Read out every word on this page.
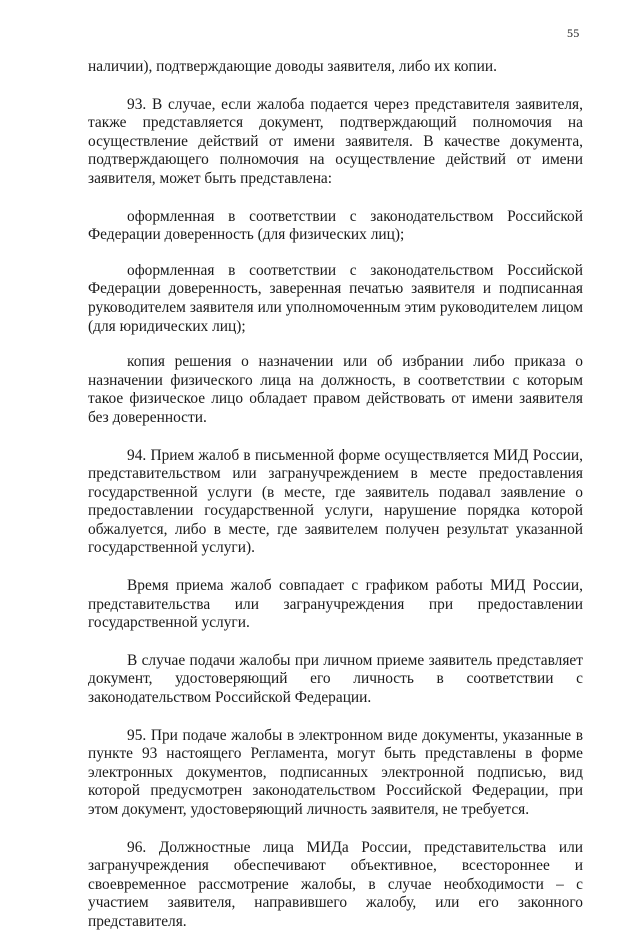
55

наличии), подтверждающие доводы заявителя, либо их копии.

93. В случае, если жалоба подается через представителя заявителя, также представляется документ, подтверждающий полномочия на осуществление действий от имени заявителя. В качестве документа, подтверждающего полномочия на осуществление действий от имени заявителя, может быть представлена:

оформленная в соответствии с законодательством Российской Федерации доверенность (для физических лиц);

оформленная в соответствии с законодательством Российской Федерации доверенность, заверенная печатью заявителя и подписанная руководителем заявителя или уполномоченным этим руководителем лицом (для юридических лиц);

копия решения о назначении или об избрании либо приказа о назначении физического лица на должность, в соответствии с которым такое физическое лицо обладает правом действовать от имени заявителя без доверенности.

94. Прием жалоб в письменной форме осуществляется МИД России, представительством или загранучреждением в месте предоставления государственной услуги (в месте, где заявитель подавал заявление о предоставлении государственной услуги, нарушение порядка которой обжалуется, либо в месте, где заявителем получен результат указанной государственной услуги).

Время приема жалоб совпадает с графиком работы МИД России, представительства или загранучреждения при предоставлении государственной услуги.

В случае подачи жалобы при личном приеме заявитель представляет документ, удостоверяющий его личность в соответствии с законодательством Российской Федерации.

95. При подаче жалобы в электронном виде документы, указанные в пункте 93 настоящего Регламента, могут быть представлены в форме электронных документов, подписанных электронной подписью, вид которой предусмотрен законодательством Российской Федерации, при этом документ, удостоверяющий личность заявителя, не требуется.

96. Должностные лица МИДа России, представительства или загранучреждения обеспечивают объективное, всестороннее и своевременное рассмотрение жалобы, в случае необходимости – с участием заявителя, направившего жалобу, или его законного представителя.
